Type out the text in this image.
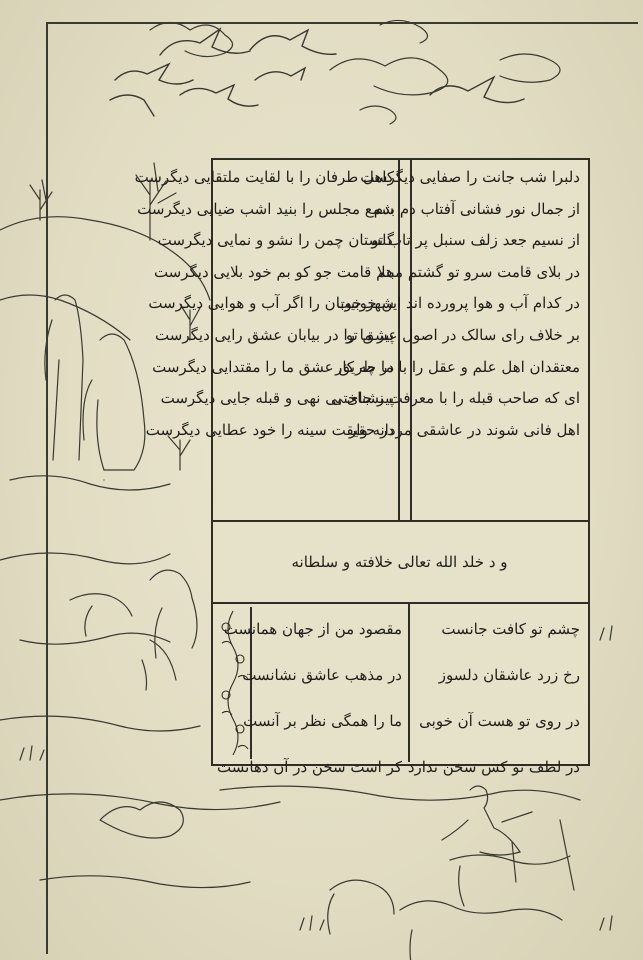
دلبرا شب جانت را صفایی دیگرست
از جمال نور فشانی آفتاب دم بدم
از نسیم جعد زلف سنبل پر تاب تو
در بلای قامت سرو تو گشتم مبتلا
در کدام آب و هوا پرورده اند این خوبیت
بر خلاف رای سالک در اصول عشق تو
معتقدان اهل علم و عقل را با ما چه کار
ای که صاحب قبله را با معرفت نشناختی
اهل فانی شوند در عاشقی مردانه وار
کاهل طرفان را با لقایت ملتقایی دیگرست
شمع مجلس را بنید اشب ضیایی دیگرست
گلستان چمن را نشو و نمایی دیگرست
هم قامت جو کو بم خود بلایی دیگرست
شهر خوبان را اگر آب و هوایی دیگرست
پیر ما را در بیابان عشق رایی دیگرست
در طریق عشق ما را مقتدایی دیگرست
پیر جای بی نهی و قبله جایی دیگرست
در حقیقت سینه را خود عطایی دیگرست
و د خلد الله تعالی خلافته و سلطانه
چشم تو کافت جانست
رخ زرد عاشقان دلسوز
در روی تو هست آن خوبی
در لطف تو کس سخن ندارد
مقصود من از جهان همانست
در مذهب عاشق نشانست
ما را همگی نظر بر آنست
کر است سخن در آن دهانست
